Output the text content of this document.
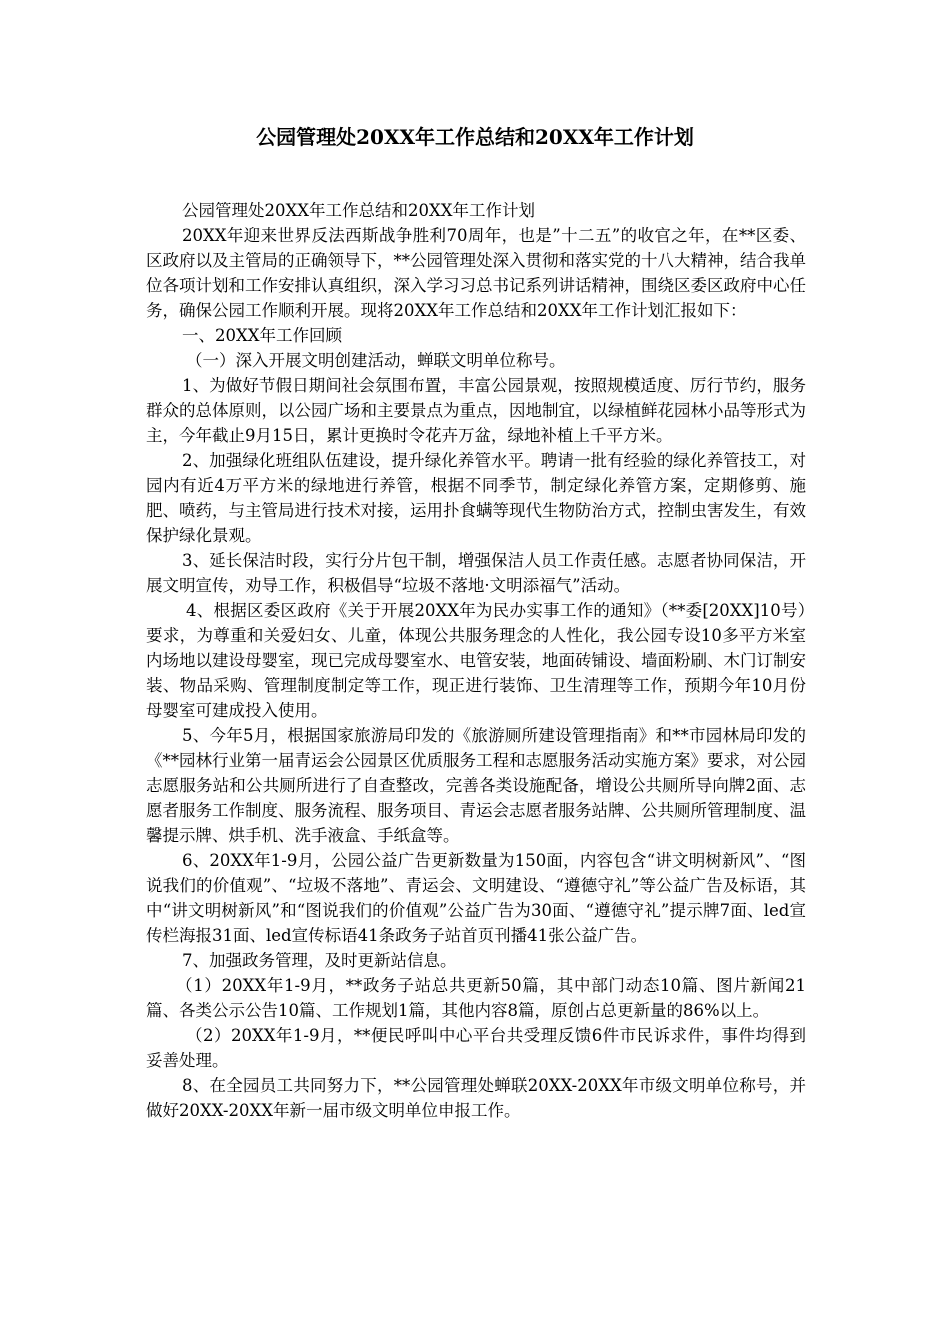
公园管理处20XX年工作总结和20XX年工作计划

公园管理处20XX年工作总结和20XX年工作计划

20XX年迎来世界反法西斯战争胜利70周年，也是”十二五”的收官之年，在**区委、区政府以及主管局的正确领导下，**公园管理处深入贯彻和落实党的十八大精神，结合我单位各项计划和工作安排认真组织，深入学习习总书记系列讲话精神，围绕区委区政府中心任务，确保公园工作顺利开展。现将20XX年工作总结和20XX年工作计划汇报如下：

一、20XX年工作回顾

（一）深入开展文明创建活动，蝉联文明单位称号。

1、为做好节假日期间社会氛围布置，丰富公园景观，按照规模适度、厉行节约，服务群众的总体原则，以公园广场和主要景点为重点，因地制宜，以绿植鲜花园林小品等形式为主，今年截止9月15日，累计更换时令花卉万盆，绿地补植上千平方米。

2、加强绿化班组队伍建设，提升绿化养管水平。聘请一批有经验的绿化养管技工，对园内有近4万平方米的绿地进行养管，根据不同季节，制定绿化养管方案，定期修剪、施肥、喷药，与主管局进行技术对接，运用扑食螨等现代生物防治方式，控制虫害发生，有效保护绿化景观。

3、延长保洁时段，实行分片包干制，增强保洁人员工作责任感。志愿者协同保洁，开展文明宣传，劝导工作，积极倡导“垃圾不落地·文明添福气”活动。

4、根据区委区政府《关于开展20XX年为民办实事工作的通知》（**委[20XX]10号）要求，为尊重和关爱妇女、儿童，体现公共服务理念的人性化，我公园专设10多平方米室内场地以建设母婴室，现已完成母婴室水、电管安装，地面砖铺设、墙面粉刷、木门订制安装、物品采购、管理制度制定等工作，现正进行装饰、卫生清理等工作，预期今年10月份母婴室可建成投入使用。

5、今年5月，根据国家旅游局印发的《旅游厕所建设管理指南》和**市园林局印发的《**园林行业第一届青运会公园景区优质服务工程和志愿服务活动实施方案》要求，对公园志愿服务站和公共厕所进行了自查整改，完善各类设施配备，增设公共厕所导向牌2面、志愿者服务工作制度、服务流程、服务项目、青运会志愿者服务站牌、公共厕所管理制度、温馨提示牌、烘手机、洗手液盒、手纸盒等。

6、20XX年1-9月，公园公益广告更新数量为150面，内容包含“讲文明树新风”、“图说我们的价值观”、“垃圾不落地”、青运会、文明建设、“遵德守礼”等公益广告及标语，其中“讲文明树新风”和“图说我们的价值观”公益广告为30面、“遵德守礼”提示牌7面、led宣传栏海报31面、led宣传标语41条政务子站首页刊播41张公益广告。

7、加强政务管理，及时更新站信息。

（1）20XX年1-9月，**政务子站总共更新50篇，其中部门动态10篇、图片新闻21篇、各类公示公告10篇、工作规划1篇，其他内容8篇，原创占总更新量的86%以上。

（2）20XX年1-9月，**便民呼叫中心平台共受理反馈6件市民诉求件，事件均得到妥善处理。

8、在全园员工共同努力下，**公园管理处蝉联20XX-20XX年市级文明单位称号，并做好20XX-20XX年新一届市级文明单位申报工作。
